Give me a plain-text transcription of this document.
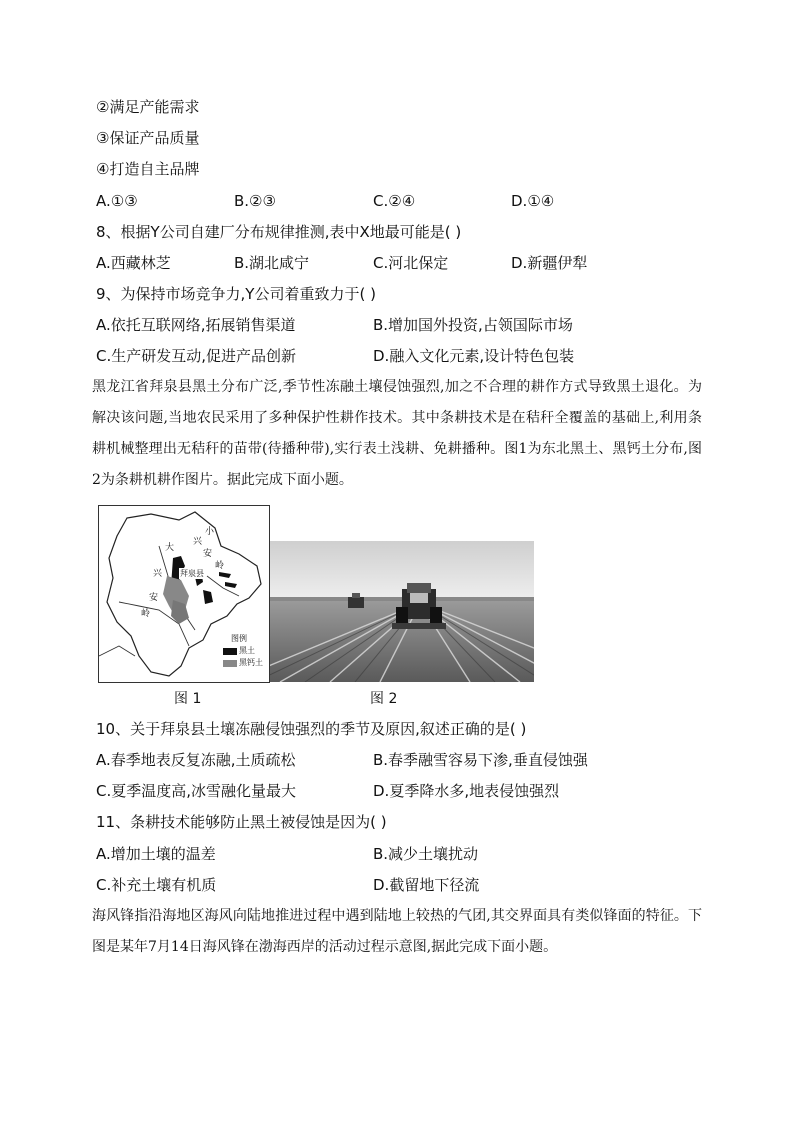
②满足产能需求
③保证产品质量
④打造自主品牌
A.①③	B.②③	C.②④	D.①④
8、根据Y公司自建厂分布规律推测,表中X地最可能是( )
A.西藏林芝	B.湖北咸宁	C.河北保定	D.新疆伊犁
9、为保持市场竞争力,Y公司着重致力于( )
A.依托互联网络,拓展销售渠道	B.增加国外投资,占领国际市场
C.生产研发互动,促进产品创新	D.融入文化元素,设计特色包装
黑龙江省拜泉县黑土分布广泛,季节性冻融土壤侵蚀强烈,加之不合理的耕作方式导致黑土退化。为解决该问题,当地农民采用了多种保护性耕作技术。其中条耕技术是在秸秆全覆盖的基础上,利用条耕机械整理出无秸秆的苗带(待播种带),实行表土浅耕、免耕播种。图1为东北黑土、黑钙土分布,图2为条耕机耕作图片。据此完成下面小题。
小
兴
安
岭
大
兴
安
岭
拜泉县
图例
黑土
黑钙土
图 1	图 2
10、关于拜泉县土壤冻融侵蚀强烈的季节及原因,叙述正确的是( )
A.春季地表反复冻融,土质疏松	B.春季融雪容易下渗,垂直侵蚀强
C.夏季温度高,冰雪融化量最大	D.夏季降水多,地表侵蚀强烈
11、条耕技术能够防止黑土被侵蚀是因为( )
A.增加土壤的温差	B.减少土壤扰动
C.补充土壤有机质	D.截留地下径流
海风锋指沿海地区海风向陆地推进过程中遇到陆地上较热的气团,其交界面具有类似锋面的特征。下图是某年7月14日海风锋在渤海西岸的活动过程示意图,据此完成下面小题。
